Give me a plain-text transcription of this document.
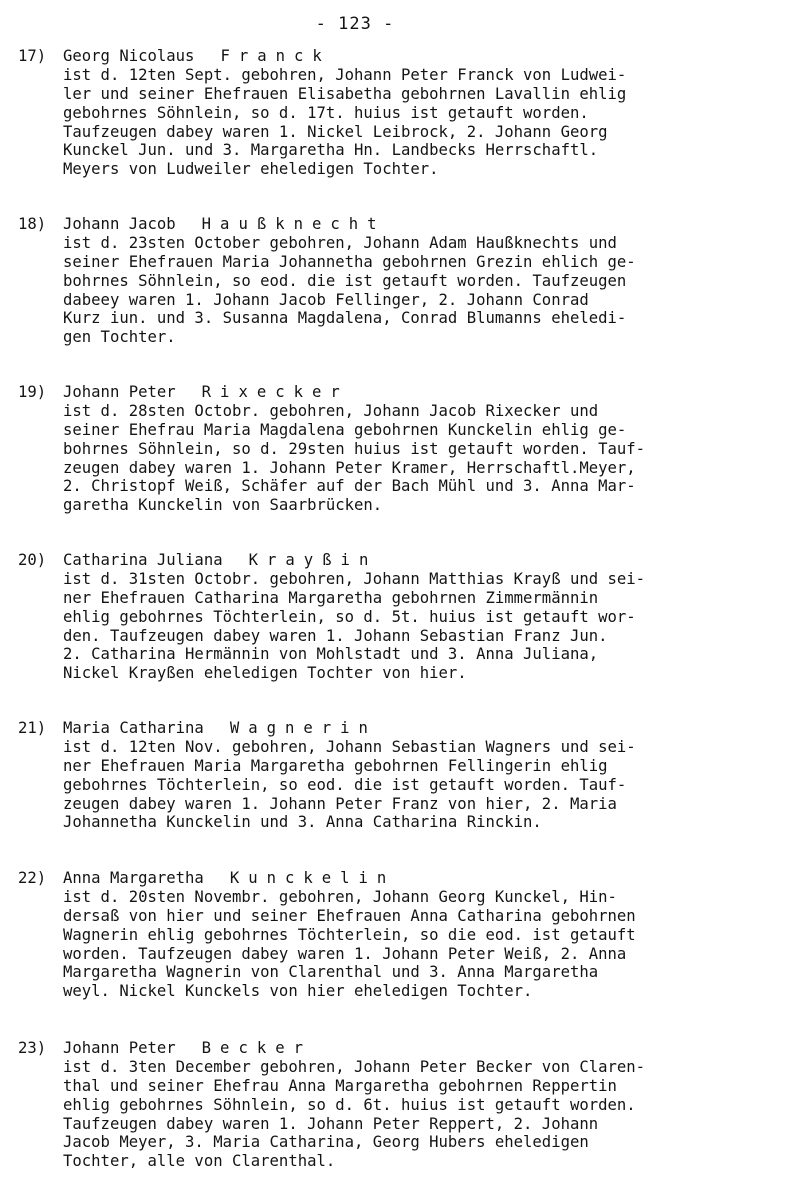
- 123 -
17)	Georg Nicolaus Franck
ist d. 12ten Sept. gebohren, Johann Peter Franck von Ludwei-
ler und seiner Ehefrauen Elisabetha gebohrnen Lavallin ehlig
gebohrnes Söhnlein, so d. 17t. huius ist getauft worden.
Taufzeugen dabey waren 1. Nickel Leibrock, 2. Johann Georg
Kunckel Jun. und 3. Margaretha Hn. Landbecks Herrschaftl.
Meyers von Ludweiler eheledigen Tochter.
18)	Johann Jacob Haußknecht
ist d. 23sten October gebohren, Johann Adam Haußknechts und
seiner Ehefrauen Maria Johannetha gebohrnen Grezin ehlich ge-
bohrnes Söhnlein, so eod. die ist getauft worden. Taufzeugen
dabeey waren 1. Johann Jacob Fellinger, 2. Johann Conrad
Kurz iun. und 3. Susanna Magdalena, Conrad Blumanns eheledi-
gen Tochter.
19)	Johann Peter Rixecker
ist d. 28sten Octobr. gebohren, Johann Jacob Rixecker und
seiner Ehefrau Maria Magdalena gebohrnen Kunckelin ehlig ge-
bohrnes Söhnlein, so d. 29sten huius ist getauft worden. Tauf-
zeugen dabey waren 1. Johann Peter Kramer, Herrschaftl.Meyer,
2. Christopf Weiß, Schäfer auf der Bach Mühl und 3. Anna Mar-
garetha Kunckelin von Saarbrücken.
20)	Catharina Juliana Krayßin
ist d. 31sten Octobr. gebohren, Johann Matthias Krayß und sei-
ner Ehefrauen Catharina Margaretha gebohrnen Zimmermännin
ehlig gebohrnes Töchterlein, so d. 5t. huius ist getauft wor-
den. Taufzeugen dabey waren 1. Johann Sebastian Franz Jun.
2. Catharina Hermännin von Mohlstadt und 3. Anna Juliana,
Nickel Krayßen eheledigen Tochter von hier.
21)	Maria Catharina Wagnerin
ist d. 12ten Nov. gebohren, Johann Sebastian Wagners und sei-
ner Ehefrauen Maria Margaretha gebohrnen Fellingerin ehlig
gebohrnes Töchterlein, so eod. die ist getauft worden. Tauf-
zeugen dabey waren 1. Johann Peter Franz von hier, 2. Maria
Johannetha Kunckelin und 3. Anna Catharina Rinckin.
22)	Anna Margaretha Kunckelin
ist d. 20sten Novembr. gebohren, Johann Georg Kunckel, Hin-
dersaß von hier und seiner Ehefrauen Anna Catharina gebohrnen
Wagnerin ehlig gebohrnes Töchterlein, so die eod. ist getauft
worden. Taufzeugen dabey waren 1. Johann Peter Weiß, 2. Anna
Margaretha Wagnerin von Clarenthal und 3. Anna Margaretha
weyl. Nickel Kunckels von hier eheledigen Tochter.
23)	Johann Peter Becker
ist d. 3ten December gebohren, Johann Peter Becker von Claren-
thal und seiner Ehefrau Anna Margaretha gebohrnen Reppertin
ehlig gebohrnes Söhnlein, so d. 6t. huius ist getauft worden.
Taufzeugen dabey waren 1. Johann Peter Reppert, 2. Johann
Jacob Meyer, 3. Maria Catharina, Georg Hubers eheledigen
Tochter, alle von Clarenthal.
